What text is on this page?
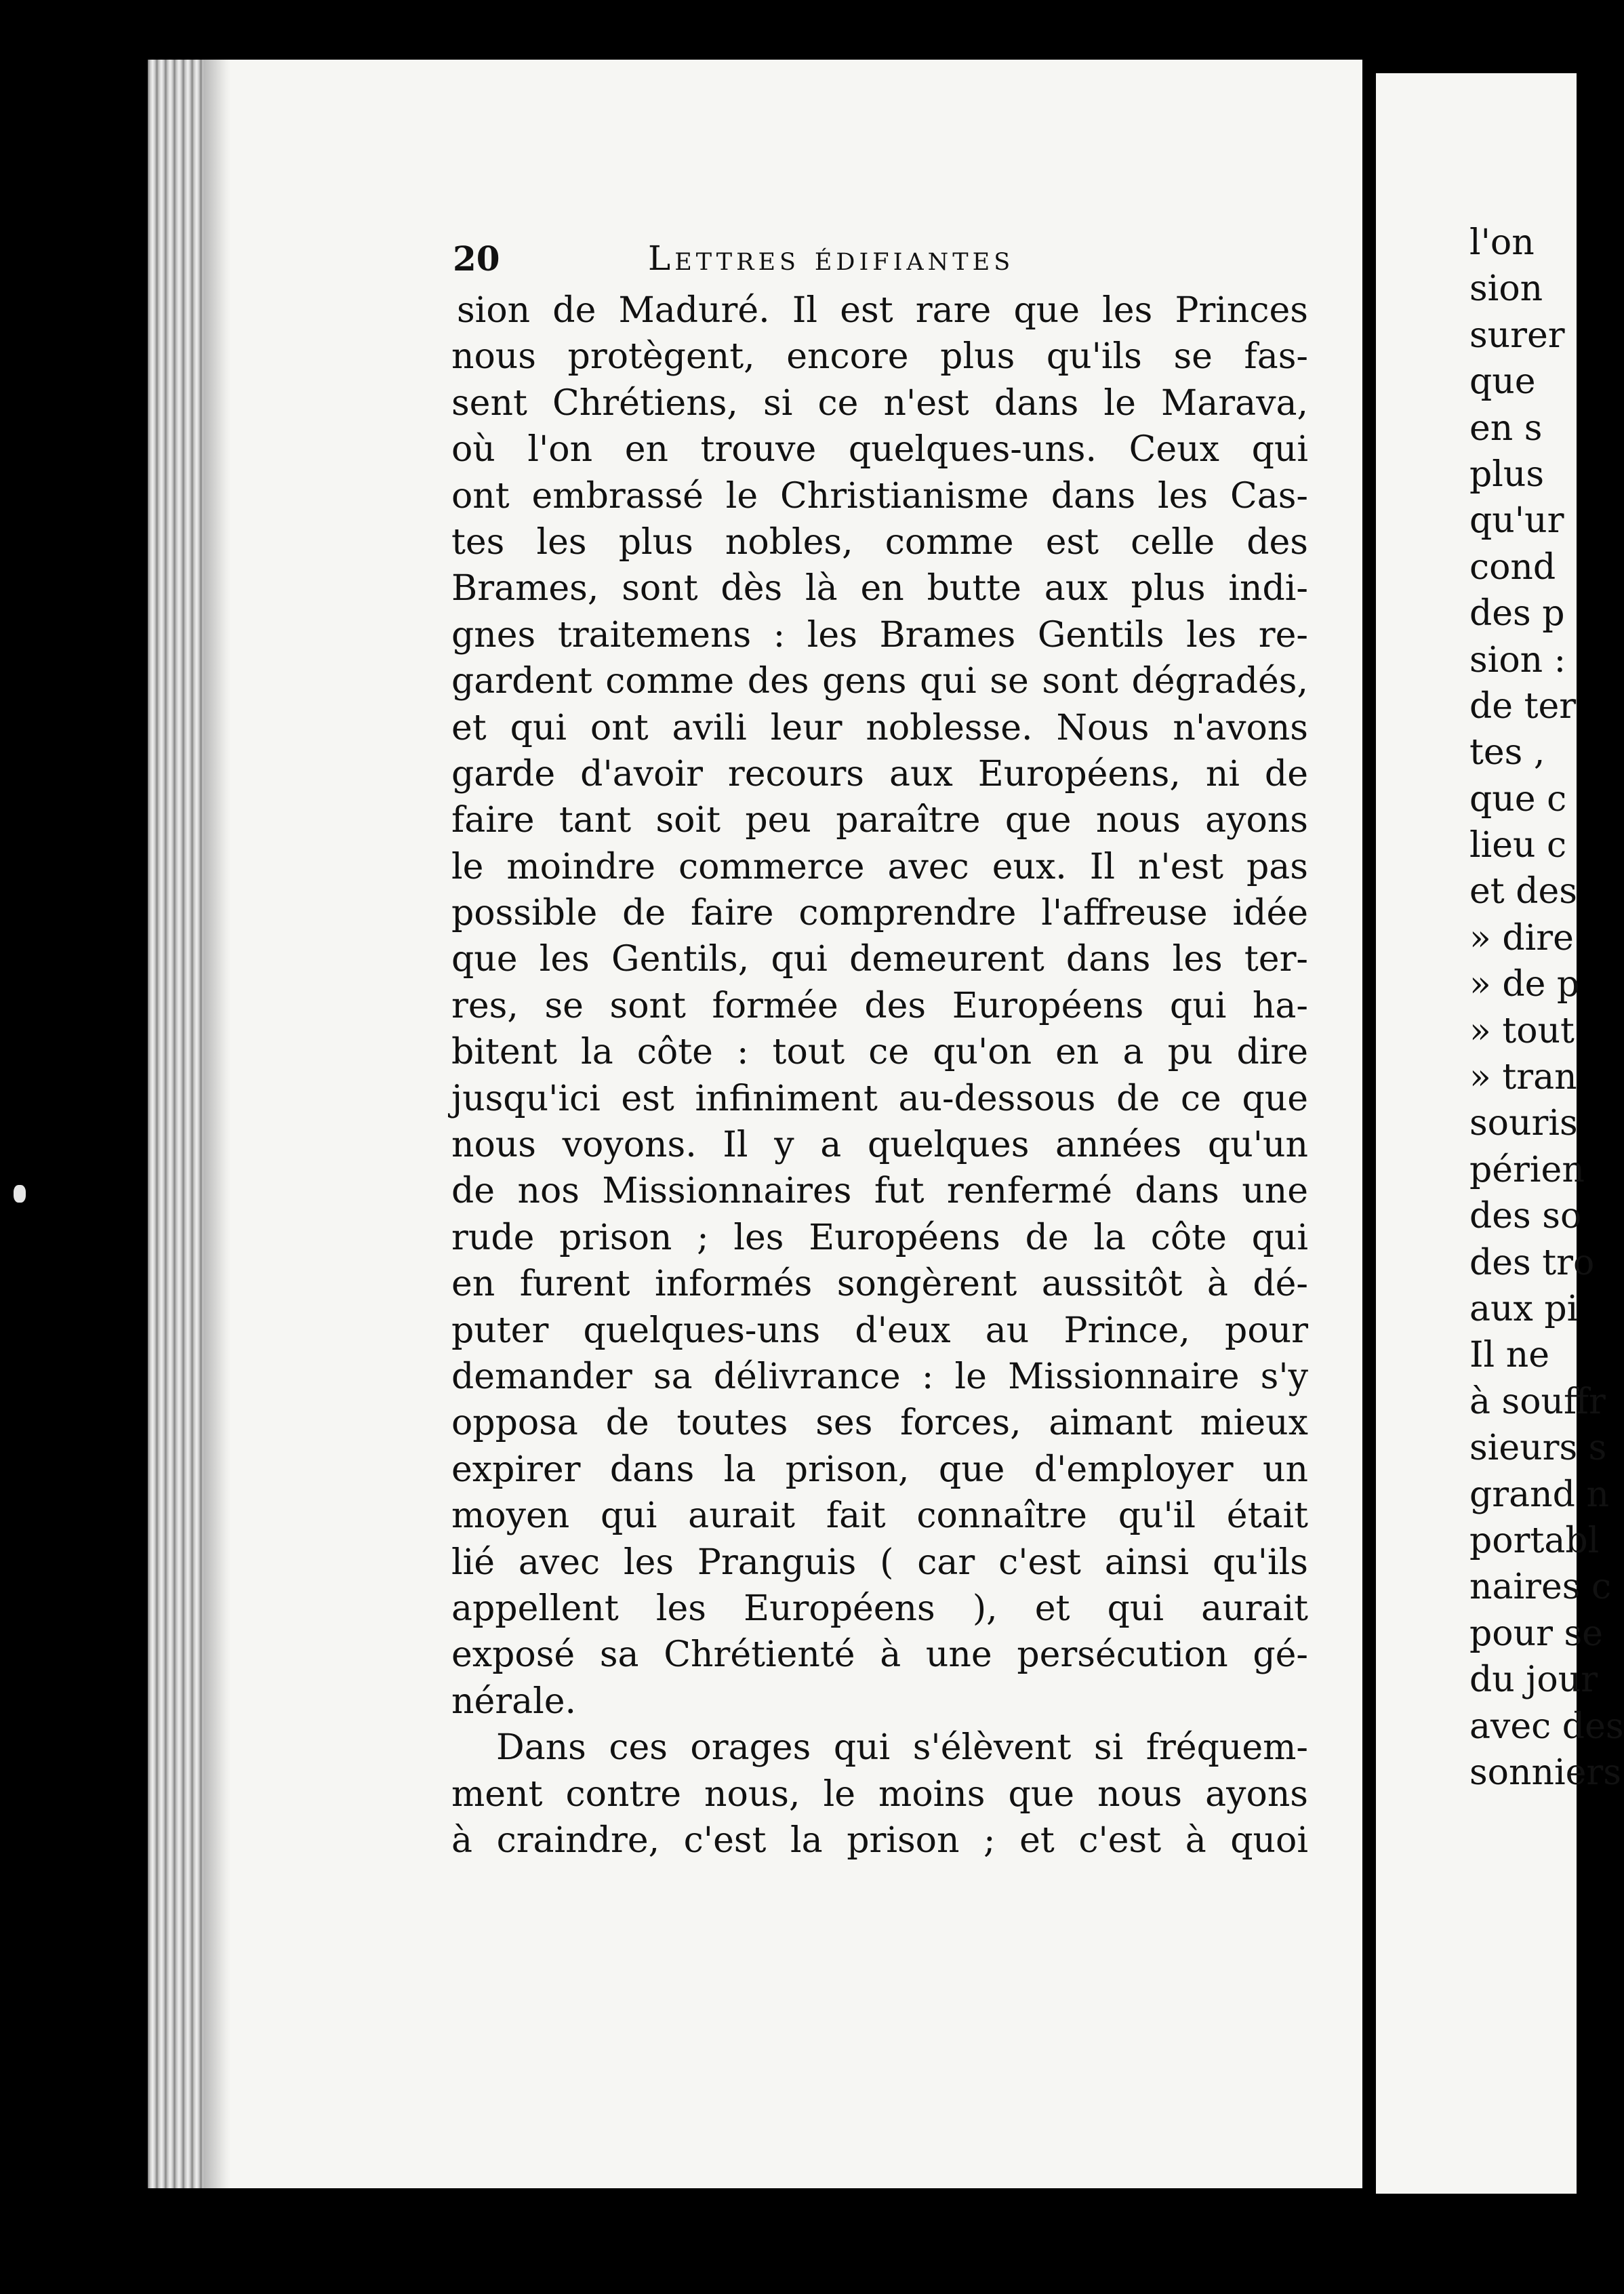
20	Lettres édifiantes
sion de Maduré. Il est rare que les Princes
nous protègent, encore plus qu'ils se fas-
sent Chrétiens, si ce n'est dans le Marava,
où l'on en trouve quelques-uns. Ceux qui
ont embrassé le Christianisme dans les Cas-
tes les plus nobles, comme est celle des
Brames, sont dès là en butte aux plus indi-
gnes traitemens : les Brames Gentils les re-
gardent comme des gens qui se sont dégradés,
et qui ont avili leur noblesse. Nous n'avons
garde d'avoir recours aux Européens, ni de
faire tant soit peu paraître que nous ayons
le moindre commerce avec eux. Il n'est pas
possible de faire comprendre l'affreuse idée
que les Gentils, qui demeurent dans les ter-
res, se sont formée des Européens qui ha-
bitent la côte : tout ce qu'on en a pu dire
jusqu'ici est infiniment au-dessous de ce que
nous voyons. Il y a quelques années qu'un
de nos Missionnaires fut renfermé dans une
rude prison ; les Européens de la côte qui
en furent informés songèrent aussitôt à dé-
puter quelques-uns d'eux au Prince, pour
demander sa délivrance : le Missionnaire s'y
opposa de toutes ses forces, aimant mieux
expirer dans la prison, que d'employer un
moyen qui aurait fait connaître qu'il était
lié avec les Pranguis ( car c'est ainsi qu'ils
appellent les Européens ), et qui aurait
exposé sa Chrétienté à une persécution gé-
nérale.
Dans ces orages qui s'élèvent si fréquem-
ment contre nous, le moins que nous ayons
à craindre, c'est la prison ; et c'est à quoi
l'on
sion
surer
que
en s
plus
qu'ur
cond
des p
sion :
de ter
tes ,
que c
lieu c
et des
» dire
» de p
» tout
» tran
souris
périen
des so
des tro
aux pi
Il ne
à souffr
sieurs s
grand n
portabl
naires c
pour se
du jour
avec des
sonniers
